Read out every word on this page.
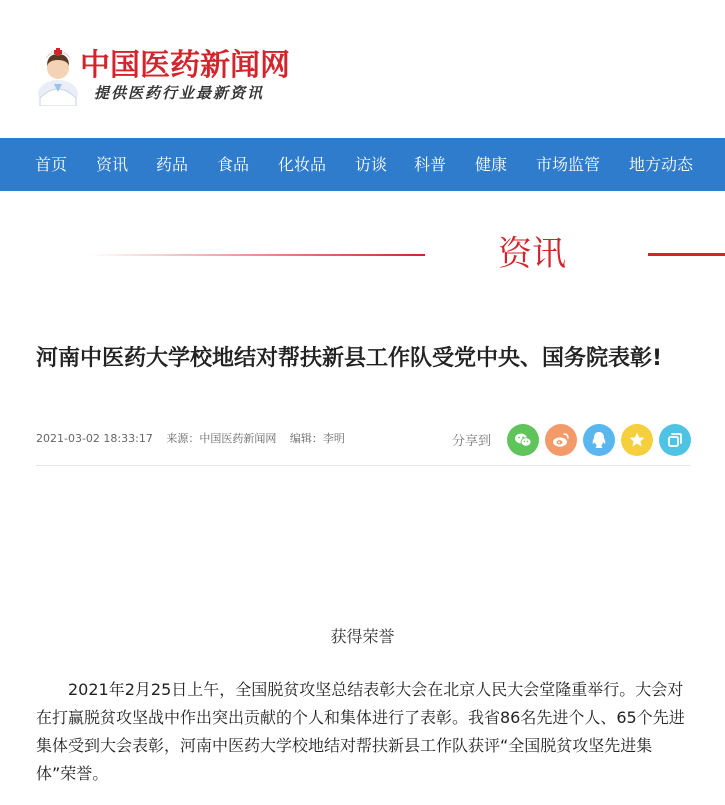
中国医药新闻网
提供医药行业最新资讯
首页 资讯 药品 食品 化妆品 访谈 科普 健康 市场监管 地方动态
资讯
河南中医药大学校地结对帮扶新县工作队受党中央、国务院表彰!
2021-03-02 18:33:17 来源：中国医药新闻网 编辑：李明	分享到
获得荣誉

2021年2月25日上午，全国脱贫攻坚总结表彰大会在北京人民大会堂隆重举行。大会对在打赢脱贫攻坚战中作出突出贡献的个人和集体进行了表彰。我省86名先进个人、65个先进集体受到大会表彰，河南中医药大学校地结对帮扶新县工作队获评“全国脱贫攻坚先进集体”荣誉。
